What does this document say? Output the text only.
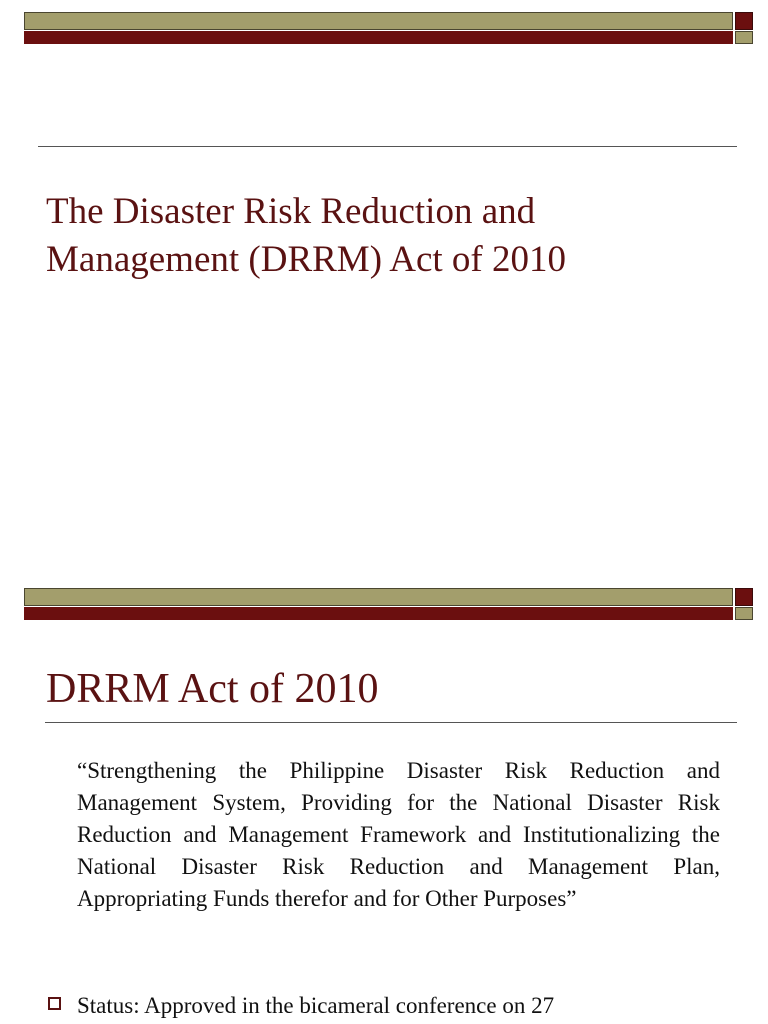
The Disaster Risk Reduction and Management (DRRM) Act of 2010
DRRM Act of 2010

“Strengthening the Philippine Disaster Risk Reduction and Management System, Providing for the National Disaster Risk Reduction and Management Framework and Institutionalizing the National Disaster Risk Reduction and Management Plan, Appropriating Funds therefor and for Other Purposes”

Status: Approved in the bicameral conference on 27
